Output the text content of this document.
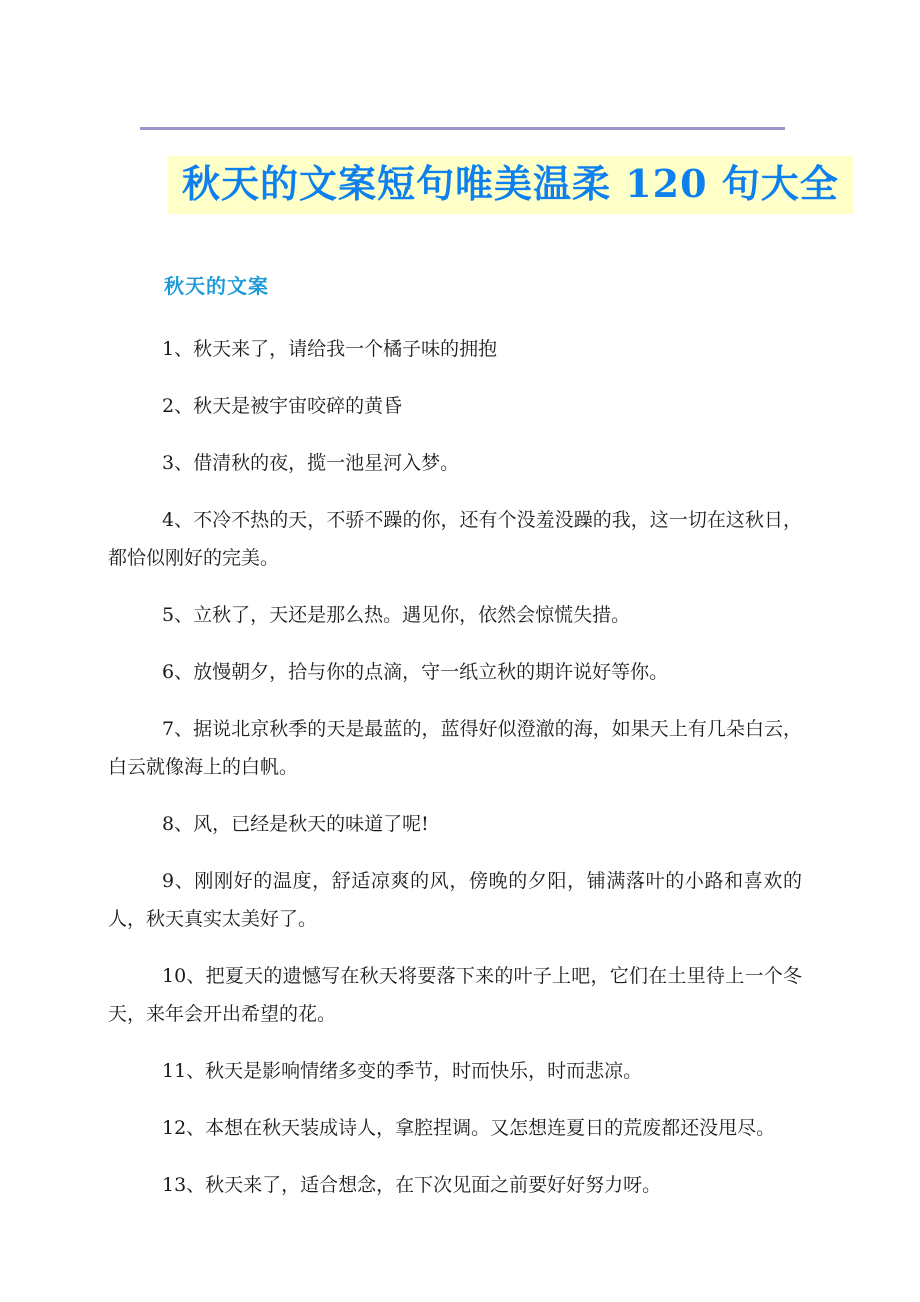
秋天的文案短句唯美温柔 120 句大全
秋天的文案

1、秋天来了，请给我一个橘子味的拥抱

2、秋天是被宇宙咬碎的黄昏

3、借清秋的夜，揽一池星河入梦。

4、不冷不热的天，不骄不躁的你，还有个没羞没躁的我，这一切在这秋日，都恰似刚好的完美。

5、立秋了，天还是那么热。遇见你，依然会惊慌失措。

6、放慢朝夕，拾与你的点滴，守一纸立秋的期许说好等你。

7、据说北京秋季的天是最蓝的，蓝得好似澄澈的海，如果天上有几朵白云，白云就像海上的白帆。

8、风，已经是秋天的味道了呢!

9、刚刚好的温度，舒适凉爽的风，傍晚的夕阳，铺满落叶的小路和喜欢的人，秋天真实太美好了。

10、把夏天的遗憾写在秋天将要落下来的叶子上吧，它们在土里待上一个冬天，来年会开出希望的花。

11、秋天是影响情绪多变的季节，时而快乐，时而悲凉。

12、本想在秋天装成诗人，拿腔捏调。又怎想连夏日的荒废都还没甩尽。

13、秋天来了，适合想念，在下次见面之前要好好努力呀。
